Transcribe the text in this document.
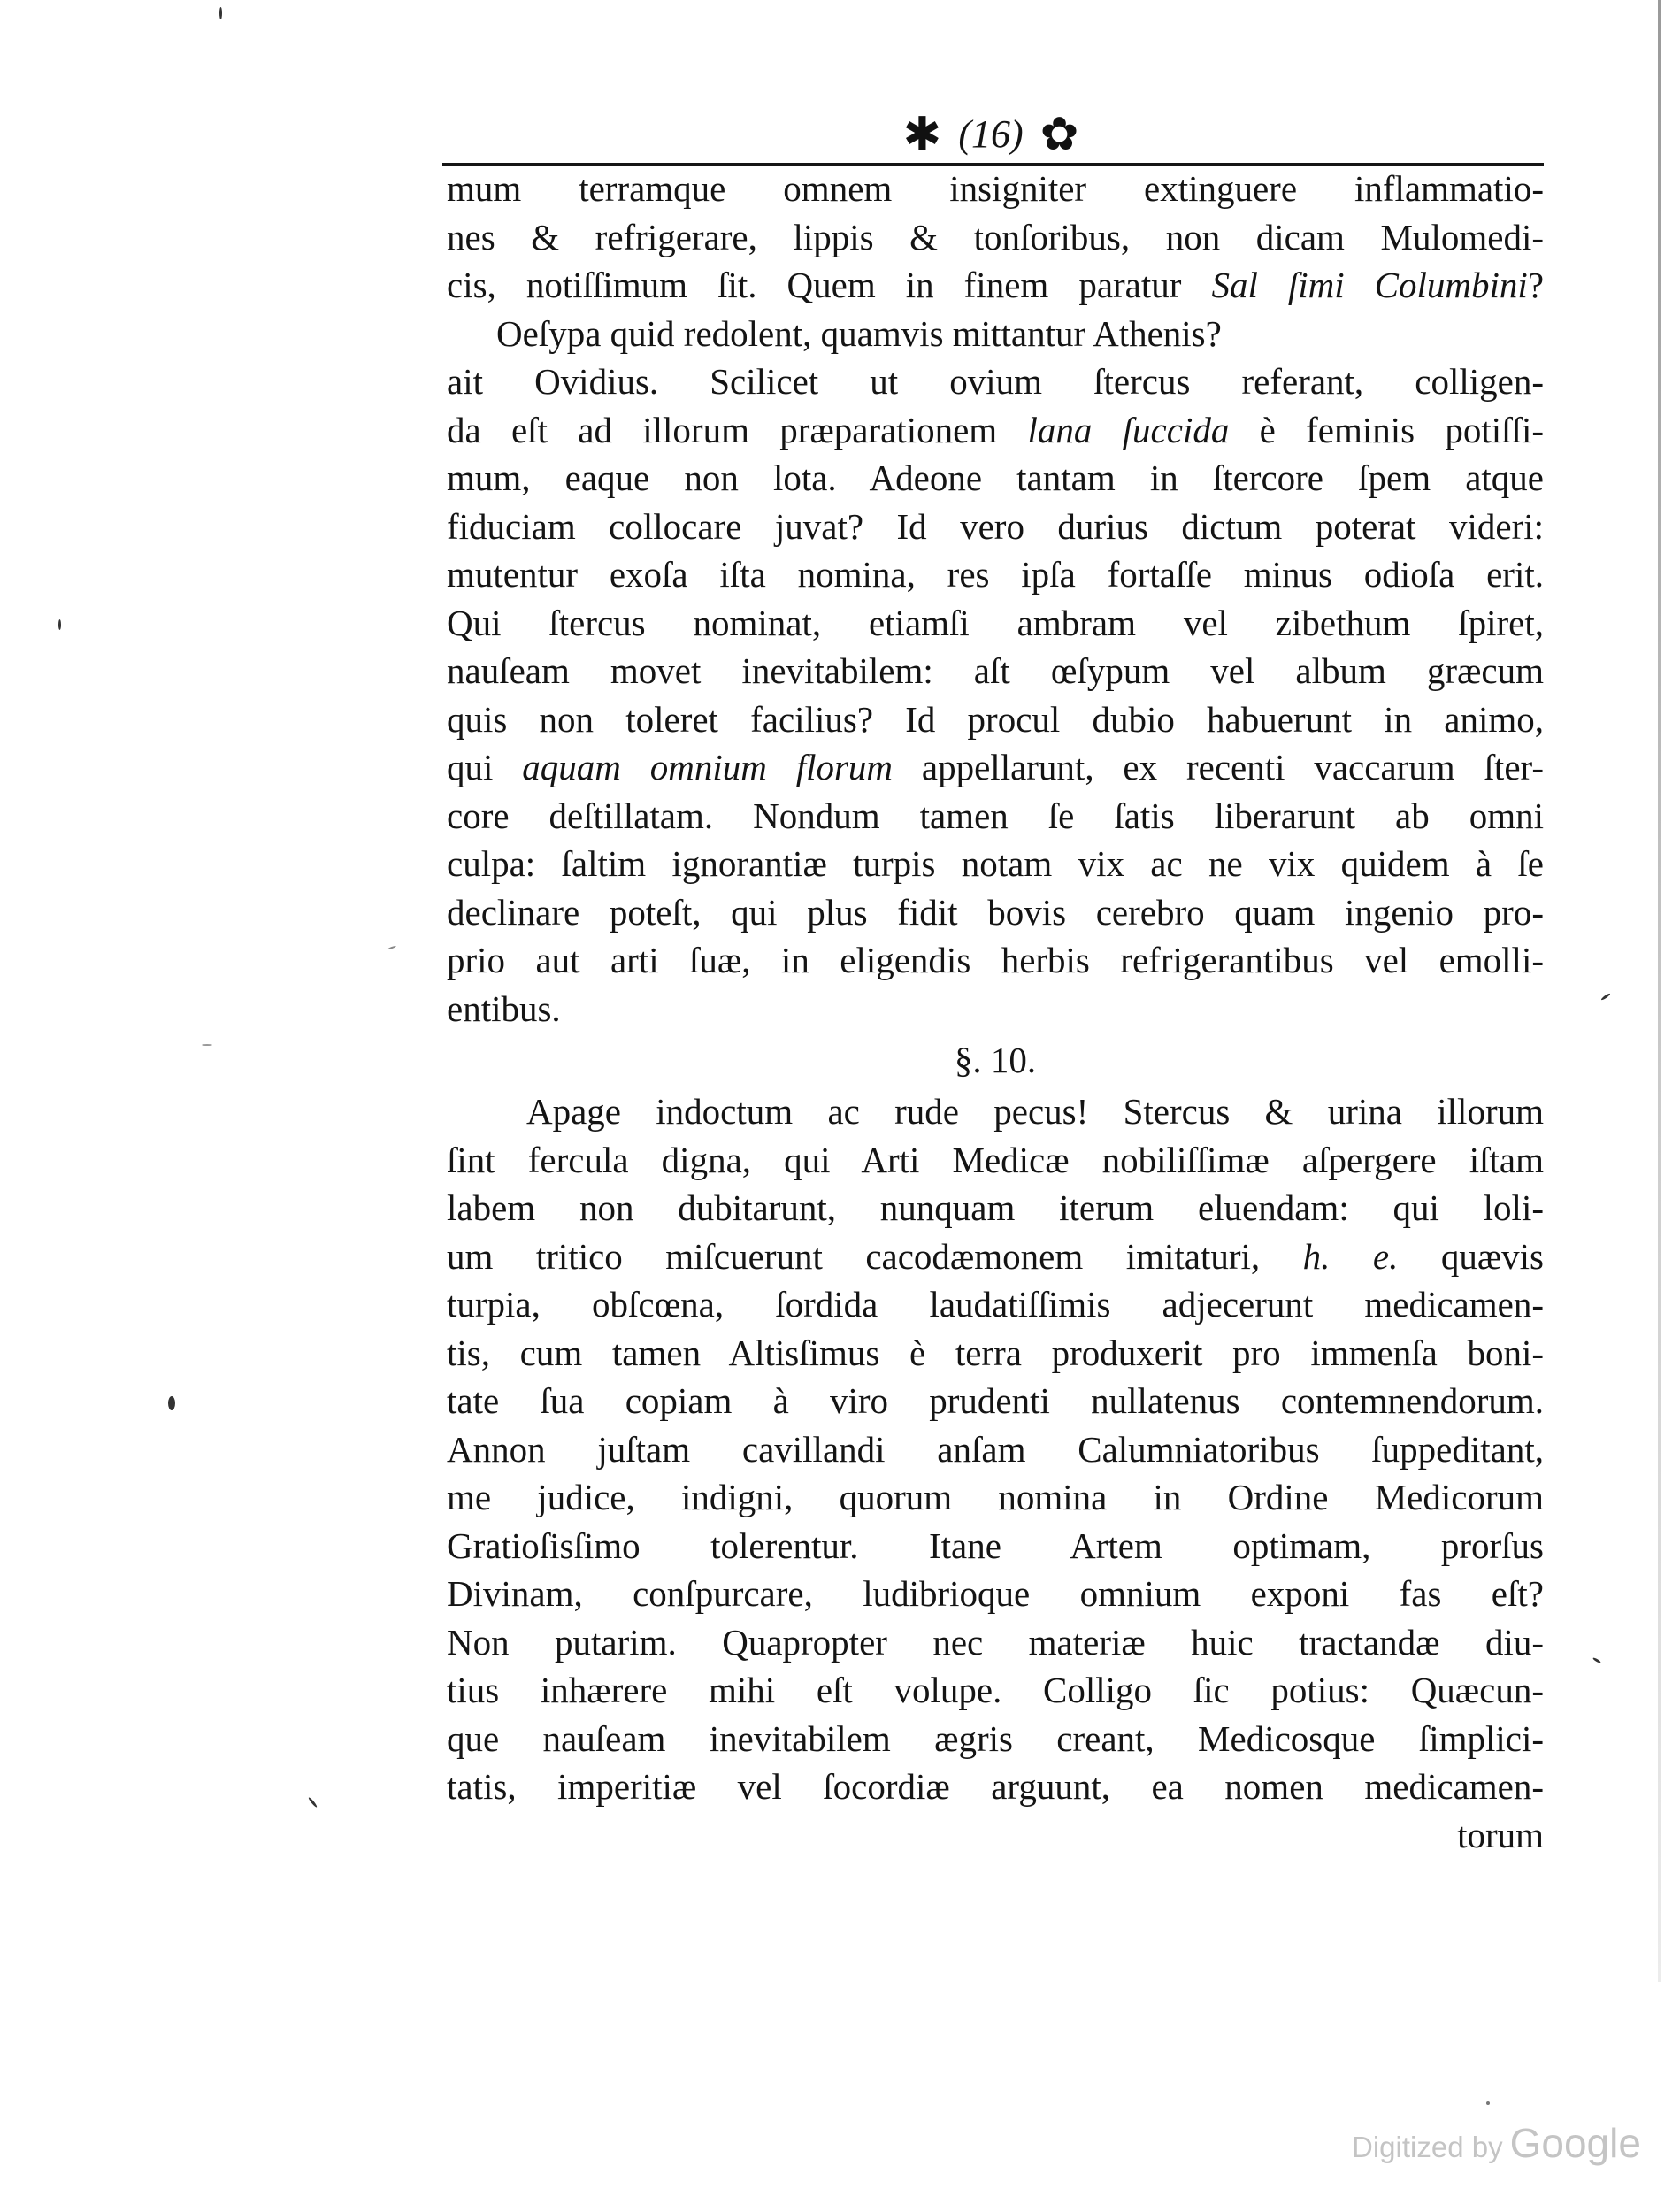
✱ (16) ✿
mum terramque omnem insigniter extinguere inflammatio-
nes & refrigerare, lippis & tonſoribus, non dicam Mulomedi-
cis, notiſſimum ſit. Quem in finem paratur Sal ſimi Columbini?
Oeſypa quid redolent, quamvis mittantur Athenis?
ait Ovidius. Scilicet ut ovium ſtercus referant, colligen-
da eſt ad illorum præparationem lana ſuccida è feminis potiſſi-
mum, eaque non lota. Adeone tantam in ſtercore ſpem atque
fiduciam collocare juvat? Id vero durius dictum poterat videri:
mutentur exoſa iſta nomina, res ipſa fortaſſe minus odioſa erit.
Qui ſtercus nominat, etiamſi ambram vel zibethum ſpiret,
nauſeam movet inevitabilem: aſt œſypum vel album græcum
quis non toleret facilius? Id procul dubio habuerunt in animo,
qui aquam omnium florum appellarunt, ex recenti vaccarum ſter-
core deſtillatam. Nondum tamen ſe ſatis liberarunt ab omni
culpa: ſaltim ignorantiæ turpis notam vix ac ne vix quidem à ſe
declinare poteſt, qui plus fidit bovis cerebro quam ingenio pro-
prio aut arti ſuæ, in eligendis herbis refrigerantibus vel emolli-
entibus.
§. 10.
Apage indoctum ac rude pecus! Stercus & urina illorum
ſint fercula digna, qui Arti Medicæ nobiliſſimæ aſpergere iſtam
labem non dubitarunt, nunquam iterum eluendam: qui loli-
um tritico miſcuerunt cacodæmonem imitaturi, h. e. quævis
turpia, obſcœna, ſordida laudatiſſimis adjecerunt medicamen-
tis, cum tamen Altisſimus è terra produxerit pro immenſa boni-
tate ſua copiam à viro prudenti nullatenus contemnendorum.
Annon juſtam cavillandi anſam Calumniatoribus ſuppeditant,
me judice, indigni, quorum nomina in Ordine Medicorum
Gratioſisſimo tolerentur. Itane Artem optimam, prorſus
Divinam, conſpurcare, ludibrioque omnium exponi fas eſt?
Non putarim. Quapropter nec materiæ huic tractandæ diu-
tius inhærere mihi eſt volupe. Colligo ſic potius: Quæcun-
que nauſeam inevitabilem ægris creant, Medicosque ſimplici-
tatis, imperitiæ vel ſocordiæ arguunt, ea nomen medicamen-
torum
Digitized by Google
